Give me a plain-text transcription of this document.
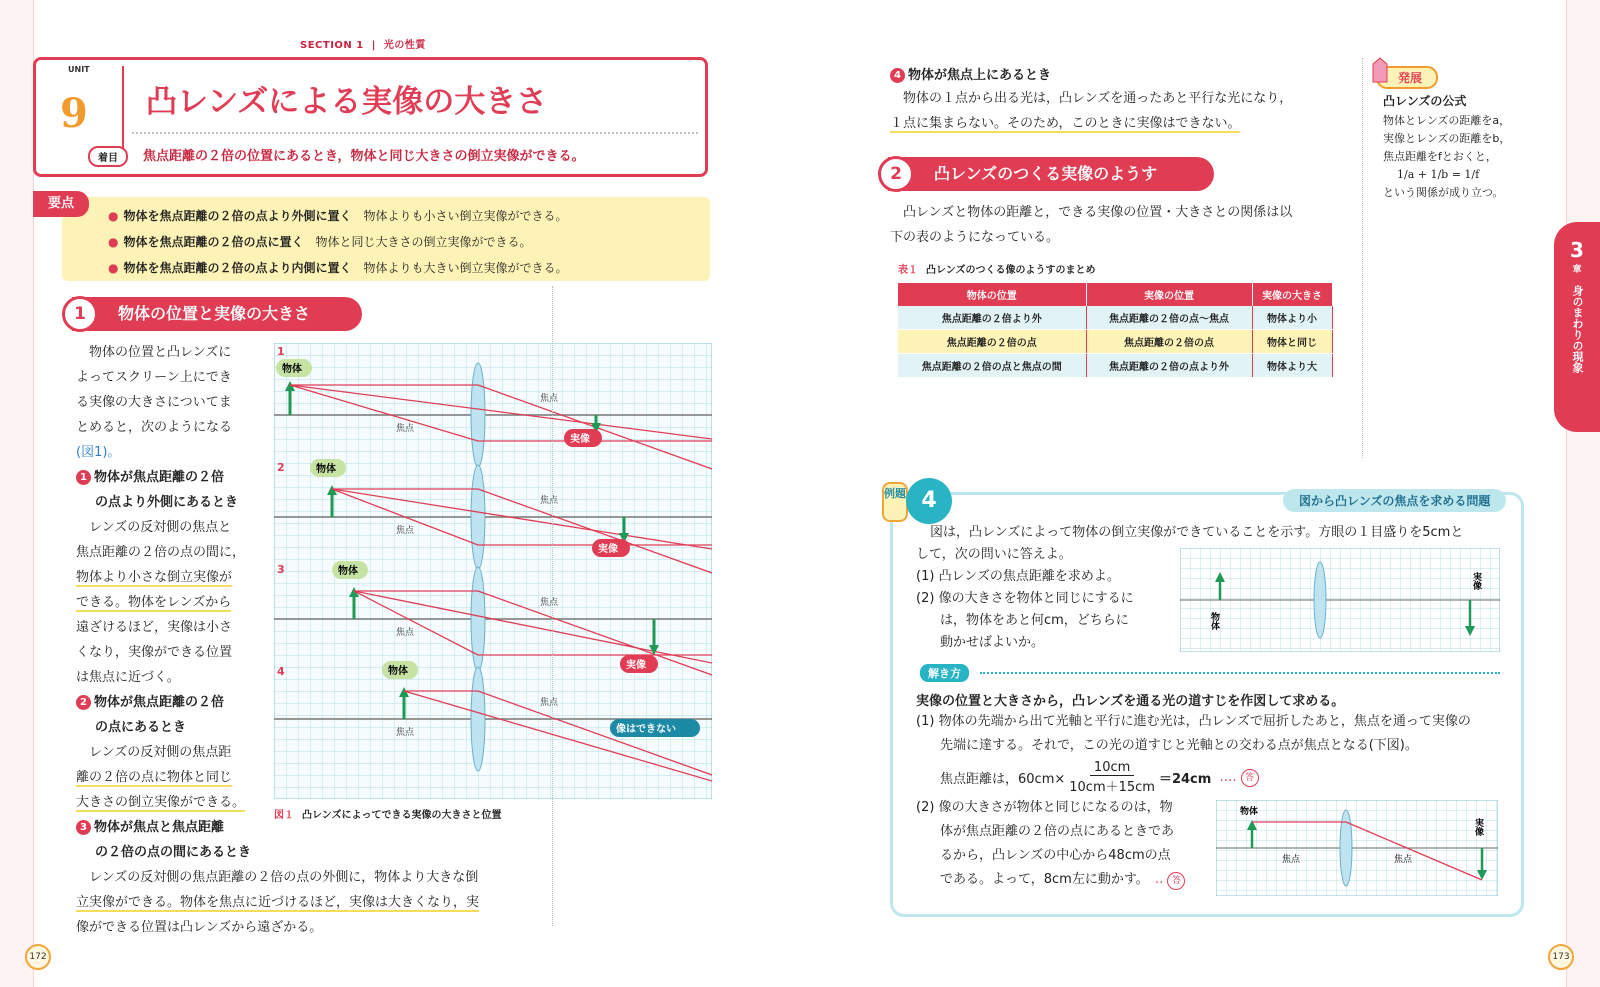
172	173
SECTION 1 | 光の性質
UNIT
9 凸レンズによる実像の大きさ
着目	焦点距離の２倍の位置にあるとき，物体と同じ大きさの倒立実像ができる。
要点
● 物体を焦点距離の２倍の点より外側に置く　 物体よりも小さい倒立実像ができる。
● 物体を焦点距離の２倍の点に置く　 物体と同じ大きさの倒立実像ができる。
● 物体を焦点距離の２倍の点より内側に置く　 物体よりも大きい倒立実像ができる。
物体の位置と実像の大きさ
1
物体の位置と凸レンズに
よってスクリーン上にでき
る実像の大きさについてま
とめると，次のようになる
(図1)。
1 物体が焦点距離の２倍
の点より外側にあるとき
レンズの反対側の焦点と
焦点距離の２倍の点の間に，
物体より小さな倒立実像が
できる。物体をレンズから
遠ざけるほど，実像は小さ
くなり，実像ができる位置
は焦点に近づく。
2 物体が焦点距離の２倍
の点にあるとき
レンズの反対側の焦点距
離の２倍の点に物体と同じ
大きさの倒立実像ができる。
3 物体が焦点と焦点距離
の２倍の点の間にあるとき
レンズの反対側の焦点距離の２倍の点の外側に，物体より大きな倒
立実像ができる。物体を焦点に近づけるほど，実像は大きくなり，実
像ができる位置は凸レンズから遠ざかる。
1
2
3
4
物体
物体
物体
物体
実像
実像
実像
像はできない
焦点
焦点
焦点
焦点
焦点
焦点
焦点
焦点
図１ 凸レンズによってできる実像の大きさと位置
4 物体が焦点上にあるとき
物体の１点から出る光は，凸レンズを通ったあと平行な光になり，
１点に集まらない。そのため，このときに実像はできない。
凸レンズのつくる実像のようす
2
凸レンズと物体の距離と，できる実像の位置・大きさとの関係は以
下の表のようになっている。
表１ 凸レンズのつくる像のようすのまとめ
物体の位置	実像の位置	実像の大きさ
焦点距離の２倍より外	焦点距離の２倍の点〜焦点	物体より小
焦点距離の２倍の点	焦点距離の２倍の点	物体と同じ
焦点距離の２倍の点と焦点の間	焦点距離の２倍の点より外	物体より大
発展
凸レンズの公式
物体とレンズの距離をa，
実像とレンズの距離をb，
焦点距離をfとおくと，
1/a + 1/b = 1/f
という関係が成り立つ。
3
章
身のまわりの現象
図から凸レンズの焦点を求める問題
例題 4
図は，凸レンズによって物体の倒立実像ができていることを示す。方眼の１目盛りを5cmと
して，次の問いに答えよ。
(1) 凸レンズの焦点距離を求めよ。
(2) 像の大きさを物体と同じにするに
は，物体をあと何cm，どちらに
動かせばよいか。
物体
実像
解き方
実像の位置と大きさから，凸レンズを通る光の道すじを作図して求める。
(1) 物体の先端から出て光軸と平行に進む光は，凸レンズで屈折したあと，焦点を通って実像の
先端に達する。それで，この光の道すじと光軸との交わる点が焦点となる(下図)。
焦点距離は，$60cm\times \frac{10cm}{10cm+15cm} =24cm$ ‥‥ 答
(2) 像の大きさが物体と同じになるのは，物
体が焦点距離の２倍の点にあるときであ
るから，凸レンズの中心から48cmの点
である。よって，8cm左に動かす。 ‥ 答
物体
実像
焦点	焦点
